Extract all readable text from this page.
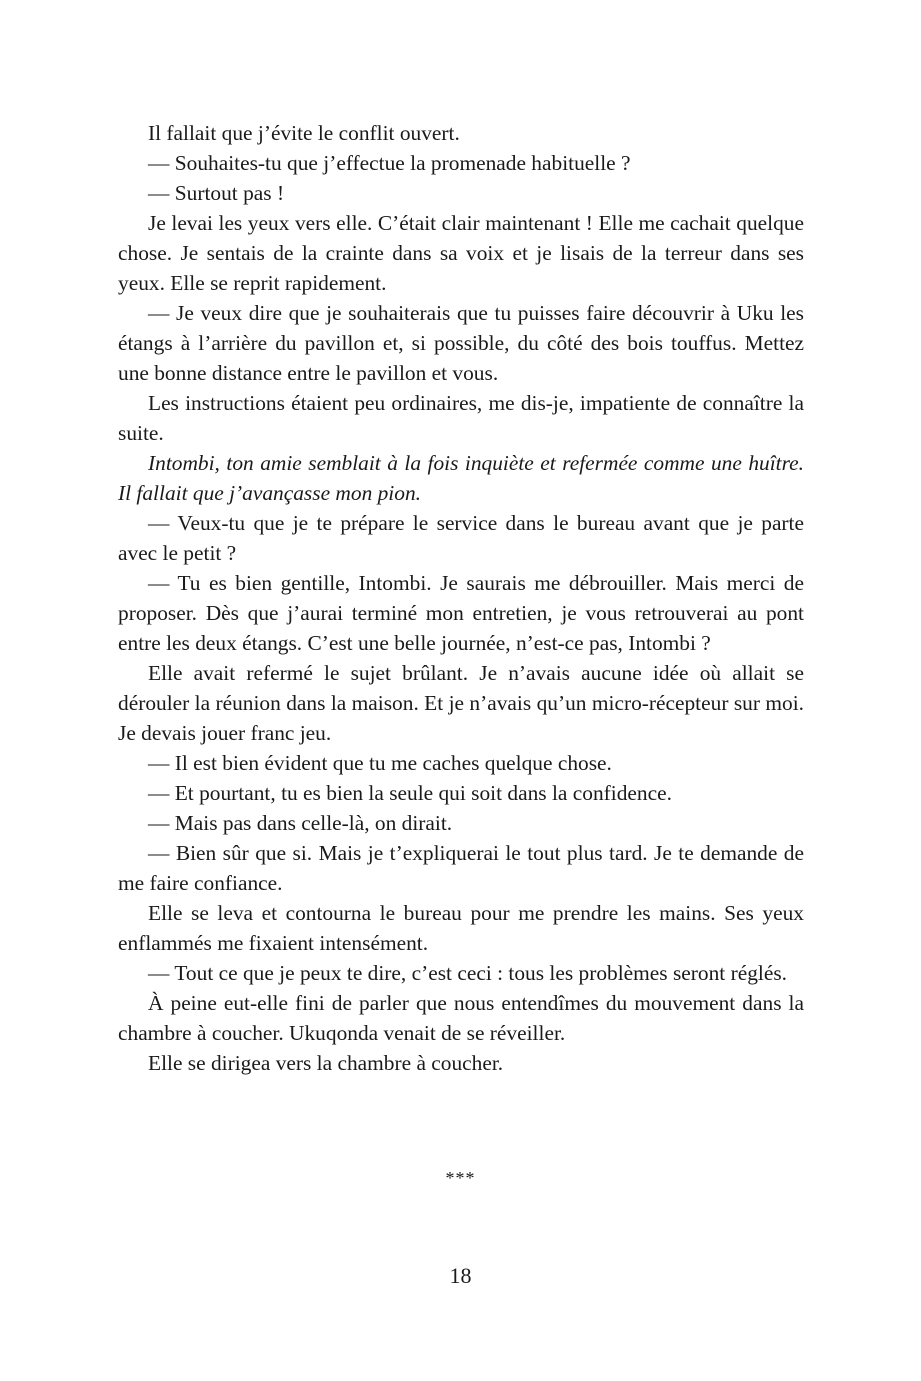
Il fallait que j’évite le conflit ouvert.

— Souhaites-tu que j’effectue la promenade habituelle ?

— Surtout pas !

Je levai les yeux vers elle. C’était clair maintenant ! Elle me cachait quelque chose. Je sentais de la crainte dans sa voix et je lisais de la terreur dans ses yeux. Elle se reprit rapidement.

— Je veux dire que je souhaiterais que tu puisses faire découvrir à Uku les étangs à l’arrière du pavillon et, si possible, du côté des bois touffus. Mettez une bonne distance entre le pavillon et vous.

Les instructions étaient peu ordinaires, me dis-je, impatiente de connaître la suite.

Intombi, ton amie semblait à la fois inquiète et refermée comme une huître. Il fallait que j’avançasse mon pion.

— Veux-tu que je te prépare le service dans le bureau avant que je parte avec le petit ?

— Tu es bien gentille, Intombi. Je saurais me débrouiller. Mais merci de proposer. Dès que j’aurai terminé mon entretien, je vous retrouverai au pont entre les deux étangs. C’est une belle journée, n’est-ce pas, Intombi ?

Elle avait refermé le sujet brûlant. Je n’avais aucune idée où allait se dérouler la réunion dans la maison. Et je n’avais qu’un micro-récepteur sur moi. Je devais jouer franc jeu.

— Il est bien évident que tu me caches quelque chose.

— Et pourtant, tu es bien la seule qui soit dans la confidence.

— Mais pas dans celle-là, on dirait.

— Bien sûr que si. Mais je t’expliquerai le tout plus tard. Je te demande de me faire confiance.

Elle se leva et contourna le bureau pour me prendre les mains. Ses yeux enflammés me fixaient intensément.

— Tout ce que je peux te dire, c’est ceci : tous les problèmes seront réglés.

À peine eut-elle fini de parler que nous entendîmes du mouvement dans la chambre à coucher. Ukuqonda venait de se réveiller.

Elle se dirigea vers la chambre à coucher.

***
18
